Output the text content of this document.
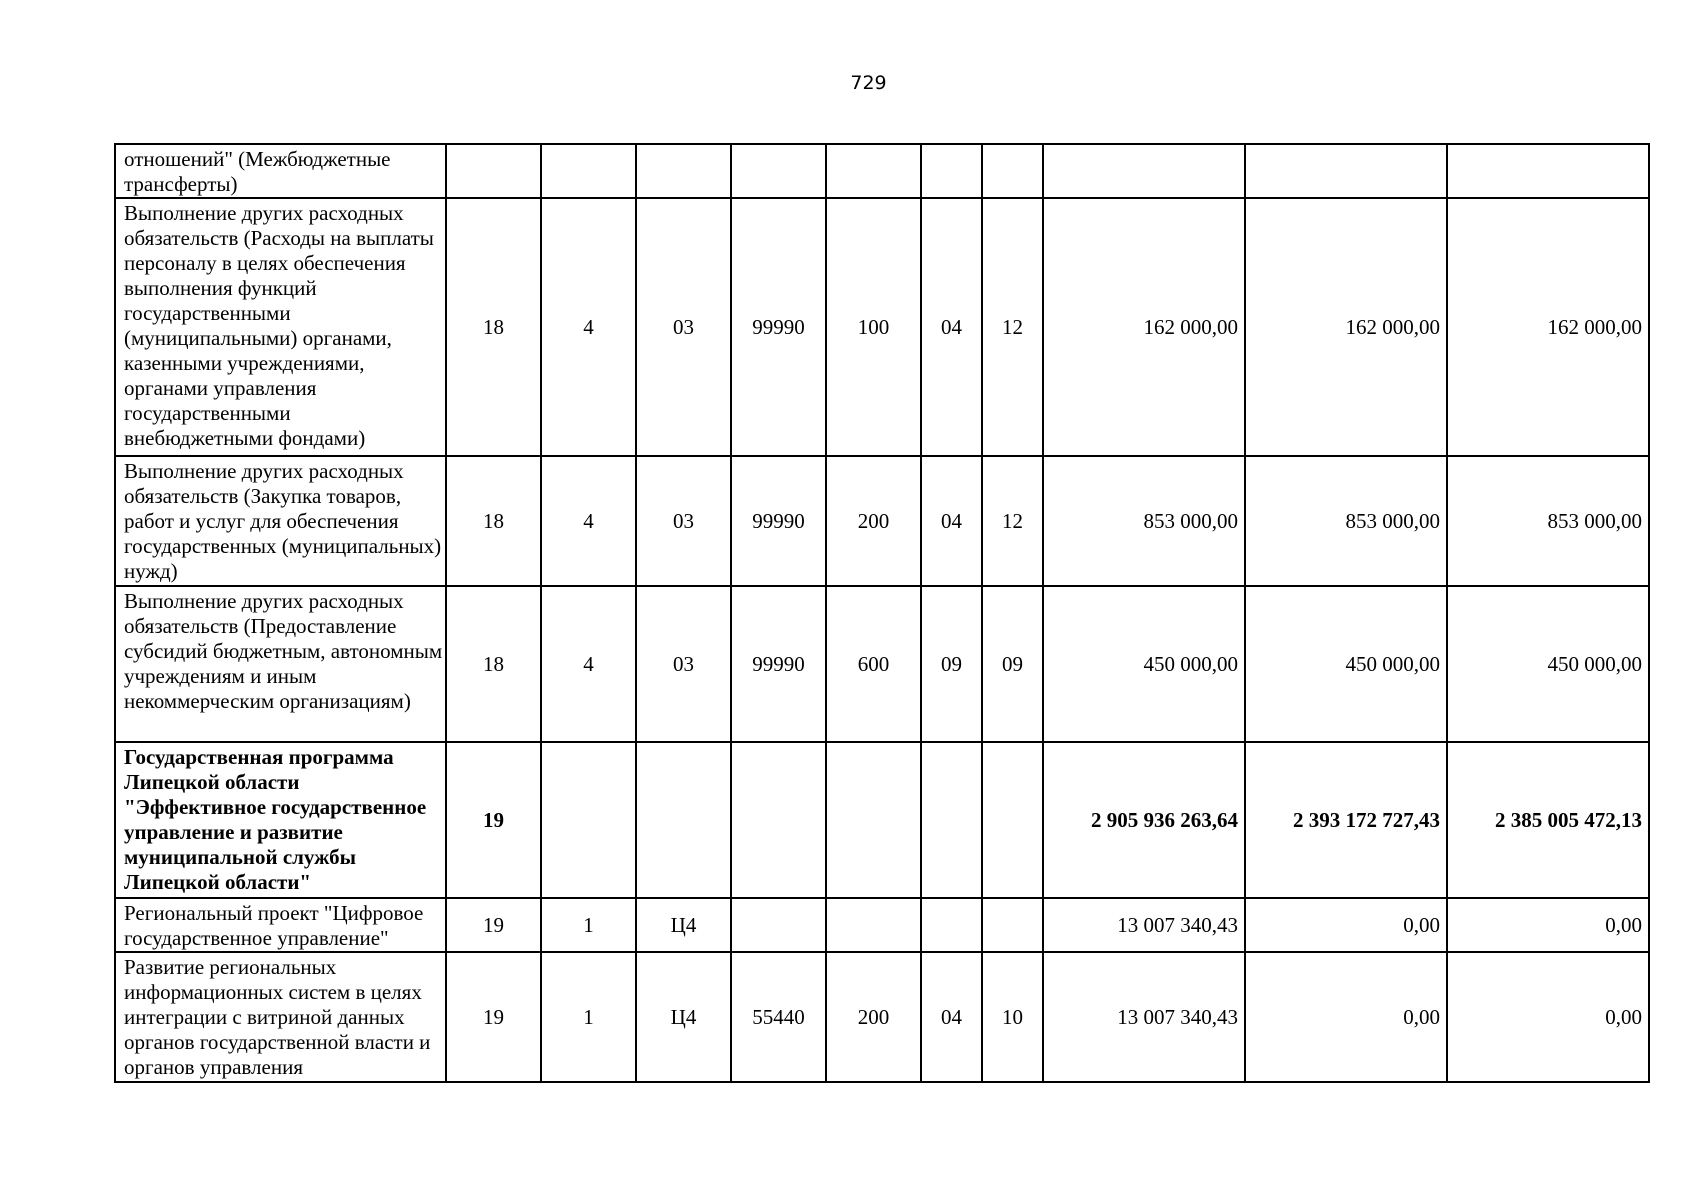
729
отношений" (Межбюджетные трансферты)										
Выполнение других расходных обязательств (Расходы на выплаты персоналу в целях обеспечения выполнения функций государственными (муниципальными) органами, казенными учреждениями, органами управления государственными внебюджетными фондами)	18	4	03	99990	100	04	12	162 000,00	162 000,00	162 000,00
Выполнение других расходных обязательств (Закупка товаров, работ и услуг для обеспечения государственных (муниципальных) нужд)	18	4	03	99990	200	04	12	853 000,00	853 000,00	853 000,00
Выполнение других расходных обязательств (Предоставление субсидий бюджетным, автономным учреждениям и иным некоммерческим организациям)	18	4	03	99990	600	09	09	450 000,00	450 000,00	450 000,00
Государственная программа Липецкой области "Эффективное государственное управление и развитие муниципальной службы Липецкой области"	19							2 905 936 263,64	2 393 172 727,43	2 385 005 472,13
Региональный проект "Цифровое государственное управление"	19	1	Ц4					13 007 340,43	0,00	0,00
Развитие региональных информационных систем в целях интеграции с витриной данных органов государственной власти и органов управления	19	1	Ц4	55440	200	04	10	13 007 340,43	0,00	0,00
